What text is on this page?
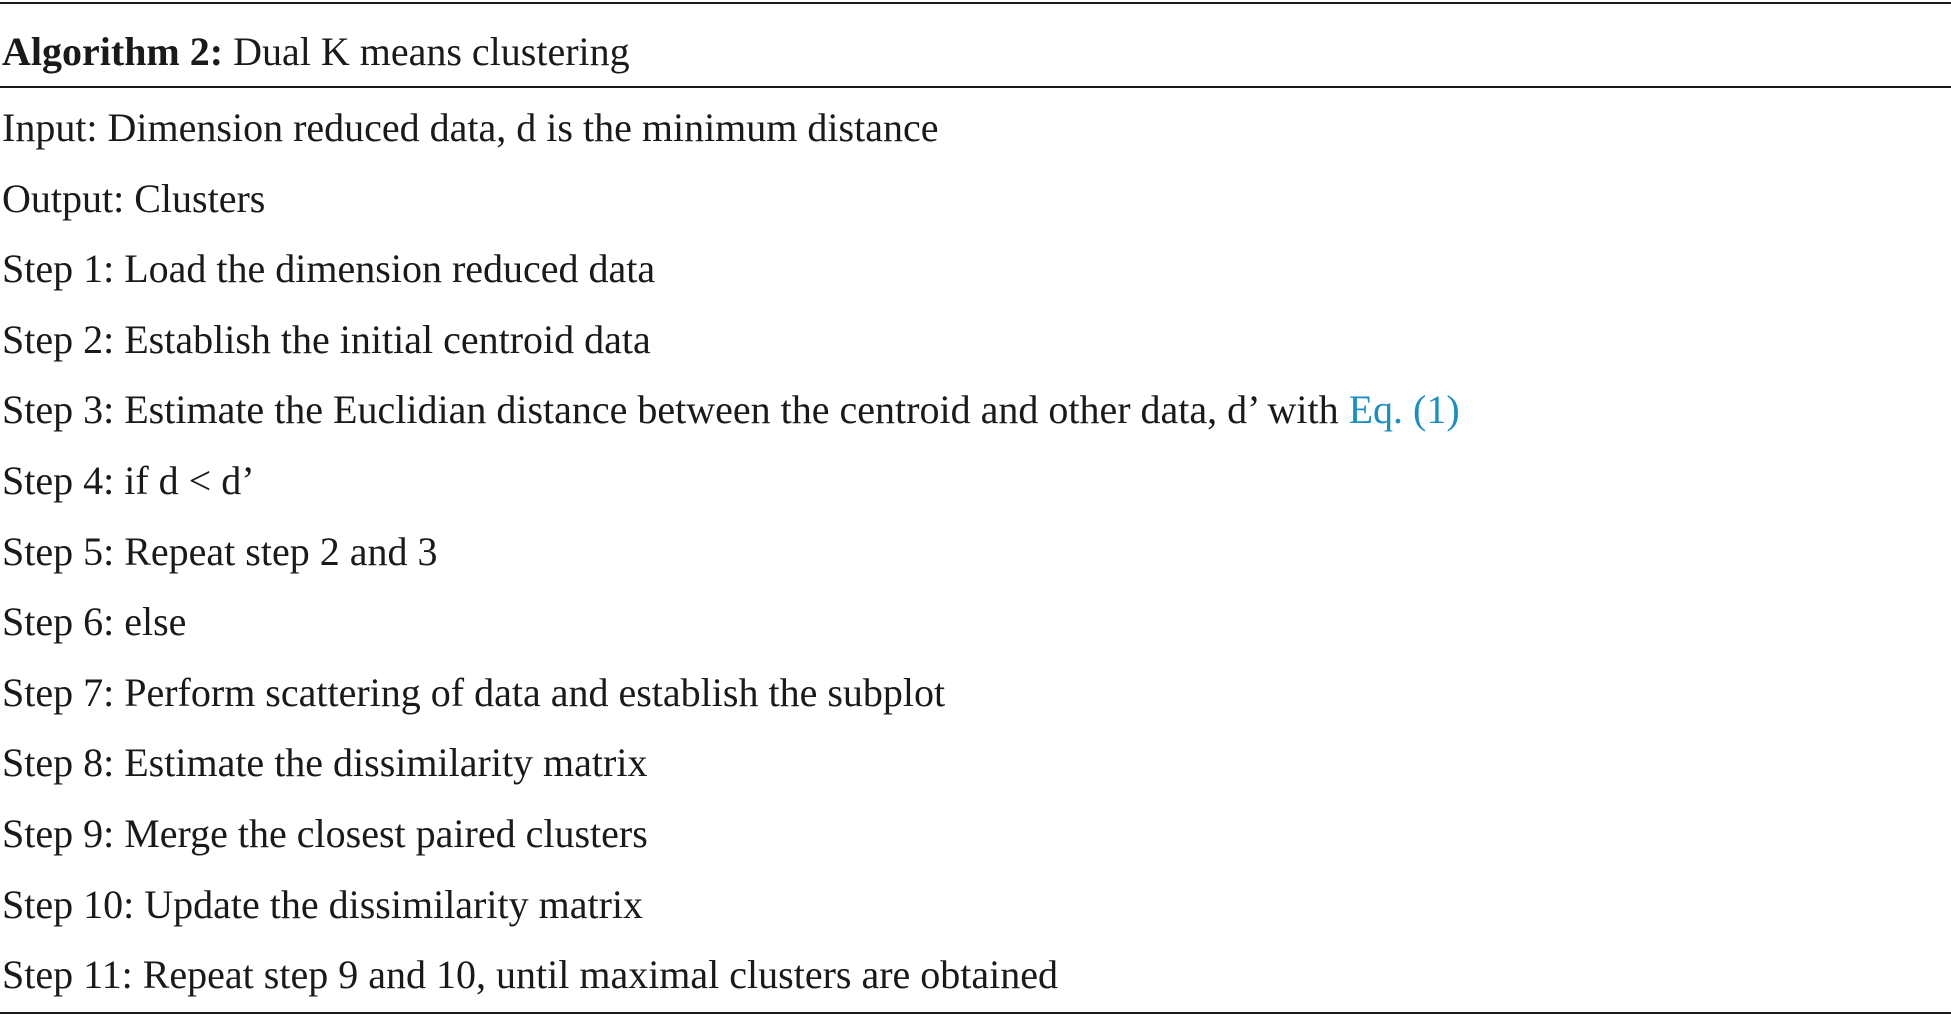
Algorithm 2: Dual K means clustering
Input: Dimension reduced data, d is the minimum distance
Output: Clusters
Step 1: Load the dimension reduced data
Step 2: Establish the initial centroid data
Step 3: Estimate the Euclidian distance between the centroid and other data, d’ with Eq. (1)
Step 4: if d < d’
Step 5: Repeat step 2 and 3
Step 6: else
Step 7: Perform scattering of data and establish the subplot
Step 8: Estimate the dissimilarity matrix
Step 9: Merge the closest paired clusters
Step 10: Update the dissimilarity matrix
Step 11: Repeat step 9 and 10, until maximal clusters are obtained
